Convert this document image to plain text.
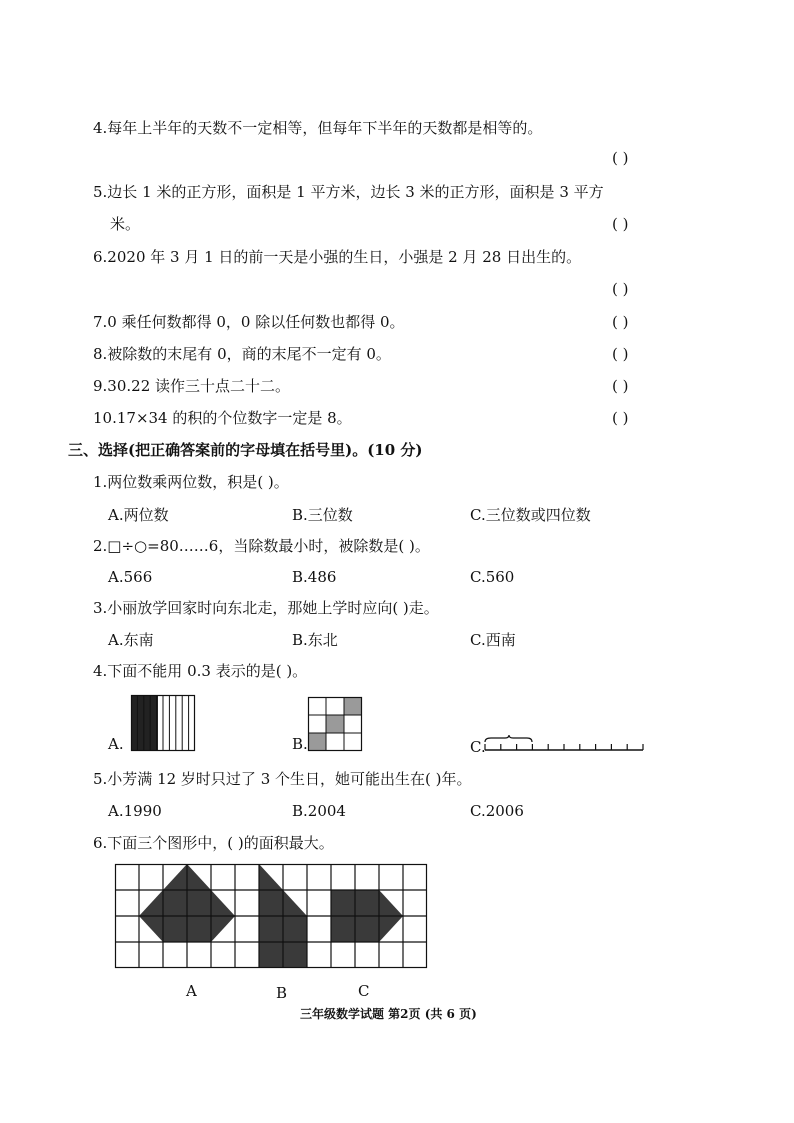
4.每年上半年的天数不一定相等，但每年下半年的天数都是相等的。
( )
5.边长 1 米的正方形，面积是 1 平方米，边长 3 米的正方形，面积是 3 平方
米。	( )
6.2020 年 3 月 1 日的前一天是小强的生日，小强是 2 月 28 日出生的。
( )
7.0 乘任何数都得 0，0 除以任何数也都得 0。	( )
8.被除数的末尾有 0，商的末尾不一定有 0。	( )
9.30.22 读作三十点二十二。	( )
10.17×34 的积的个位数字一定是 8。	( )
三、选择(把正确答案前的字母填在括号里)。(10 分)
1.两位数乘两位数，积是( )。
A.两位数	B.三位数	C.三位数或四位数
2.□÷○=80……6，当除数最小时，被除数是( )。
A.566	B.486	C.560
3.小丽放学回家时向东北走，那她上学时应向( )走。
A.东南	B.东北	C.西南
4.下面不能用 0.3 表示的是( )。
A.	B.	C.
5.小芳满 12 岁时只过了 3 个生日，她可能出生在( )年。
A.1990	B.2004	C.2006
6.下面三个图形中，( )的面积最大。
A	B	C
三年级数学试题 第2页 (共 6 页)
